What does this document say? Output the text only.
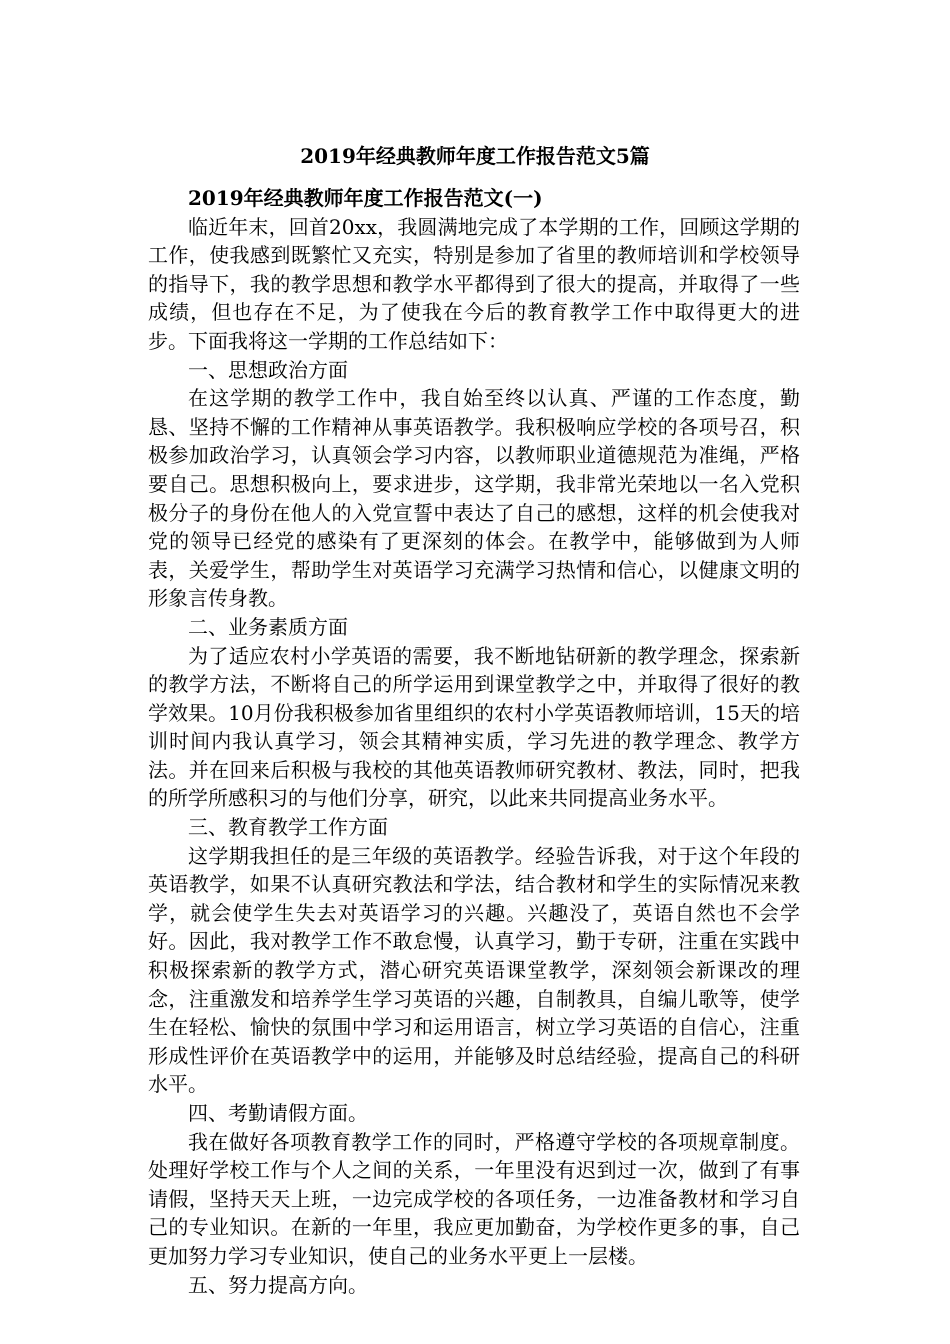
2019年经典教师年度工作报告范文5篇

2019年经典教师年度工作报告范文(一)

临近年末，回首20xx，我圆满地完成了本学期的工作，回顾这学期的工作，使我感到既繁忙又充实，特别是参加了省里的教师培训和学校领导的指导下，我的教学思想和教学水平都得到了很大的提高，并取得了一些成绩，但也存在不足，为了使我在今后的教育教学工作中取得更大的进步。下面我将这一学期的工作总结如下：

一、思想政治方面

在这学期的教学工作中，我自始至终以认真、严谨的工作态度，勤恳、坚持不懈的工作精神从事英语教学。我积极响应学校的各项号召，积极参加政治学习，认真领会学习内容，以教师职业道德规范为准绳，严格要自己。思想积极向上，要求进步，这学期，我非常光荣地以一名入党积极分子的身份在他人的入党宣誓中表达了自己的感想，这样的机会使我对党的领导已经党的感染有了更深刻的体会。在教学中，能够做到为人师表，关爱学生，帮助学生对英语学习充满学习热情和信心，以健康文明的形象言传身教。

二、业务素质方面

为了适应农村小学英语的需要，我不断地钻研新的教学理念，探索新的教学方法，不断将自己的所学运用到课堂教学之中，并取得了很好的教学效果。10月份我积极参加省里组织的农村小学英语教师培训，15天的培训时间内我认真学习，领会其精神实质，学习先进的教学理念、教学方法。并在回来后积极与我校的其他英语教师研究教材、教法，同时，把我的所学所感积习的与他们分享，研究，以此来共同提高业务水平。

三、教育教学工作方面

这学期我担任的是三年级的英语教学。经验告诉我，对于这个年段的英语教学，如果不认真研究教法和学法，结合教材和学生的实际情况来教学，就会使学生失去对英语学习的兴趣。兴趣没了，英语自然也不会学好。因此，我对教学工作不敢怠慢，认真学习，勤于专研，注重在实践中积极探索新的教学方式，潜心研究英语课堂教学，深刻领会新课改的理念，注重激发和培养学生学习英语的兴趣，自制教具，自编儿歌等，使学生在轻松、愉快的氛围中学习和运用语言，树立学习英语的自信心，注重形成性评价在英语教学中的运用，并能够及时总结经验，提高自己的科研水平。

四、考勤请假方面。

我在做好各项教育教学工作的同时，严格遵守学校的各项规章制度。处理好学校工作与个人之间的关系，一年里没有迟到过一次，做到了有事请假，坚持天天上班，一边完成学校的各项任务，一边准备教材和学习自己的专业知识。在新的一年里，我应更加勤奋，为学校作更多的事，自己更加努力学习专业知识，使自己的业务水平更上一层楼。

五、努力提高方向。
